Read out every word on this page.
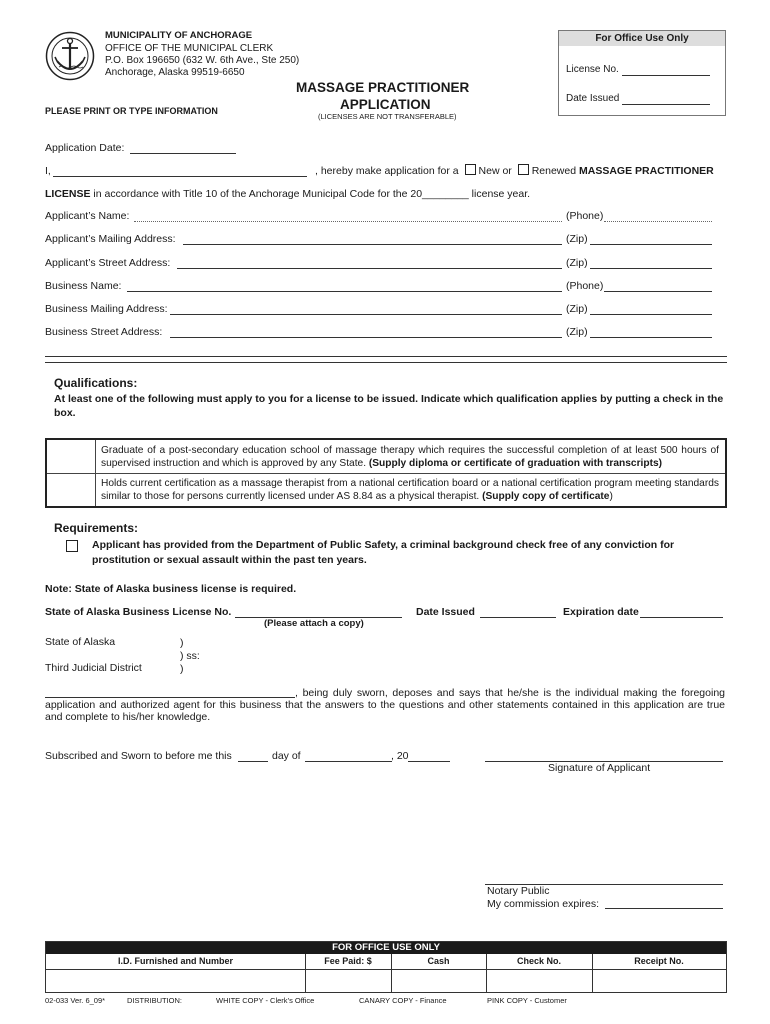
MUNICIPALITY OF ANCHORAGE
OFFICE OF THE MUNICIPAL CLERK
P.O. Box 196650 (632 W. 6th Ave., Ste 250)
Anchorage, Alaska 99519-6650
MASSAGE PRACTITIONER
APPLICATION
(LICENSES ARE NOT TRANSFERABLE)
PLEASE PRINT OR TYPE INFORMATION
For Office Use Only
License No.
Date Issued
Application Date:
I,	, hereby make application for a New or Renewed MASSAGE PRACTITIONER
LICENSE in accordance with Title 10 of the Anchorage Municipal Code for the 20________ license year.
Applicant’s Name:	(Phone)
Applicant’s Mailing Address:	(Zip)
Applicant’s Street Address:	(Zip)
Business Name:	(Phone)
Business Mailing Address:	(Zip)
Business Street Address:	(Zip)
Qualifications:
At least one of the following must apply to you for a license to be issued. Indicate which qualification applies by putting a check in the box.
Graduate of a post-secondary education school of massage therapy which requires the successful completion of at least 500 hours of supervised instruction and which is approved by any State. (Supply diploma or certificate of graduation with transcripts)
Holds current certification as a massage therapist from a national certification board or a national certification program meeting standards similar to those for persons currently licensed under AS 8.84 as a physical therapist. (Supply copy of certificate)
Requirements:
Applicant has provided from the Department of Public Safety, a criminal background check free of any conviction for prostitution or sexual assault within the past ten years.
Note: State of Alaska business license is required.
State of Alaska Business License No.
(Please attach a copy)
Date Issued	Expiration date
State of Alaska
Third Judicial District
)
) ss:
)
, being duly sworn, deposes and says that he/she is the individual making the foregoing application and authorized agent for this business that the answers to the questions and other statements contained in this application are true and complete to his/her knowledge.
Subscribed and Sworn to before me this	day of	, 20
Signature of Applicant
Notary Public
My commission expires:
FOR OFFICE USE ONLY
I.D. Furnished and Number	Fee Paid: $	Cash	Check No.	Receipt No.
02-033 Ver. 6_09*	DISTRIBUTION:	WHITE COPY - Clerk’s Office	CANARY COPY - Finance	PINK COPY - Customer
